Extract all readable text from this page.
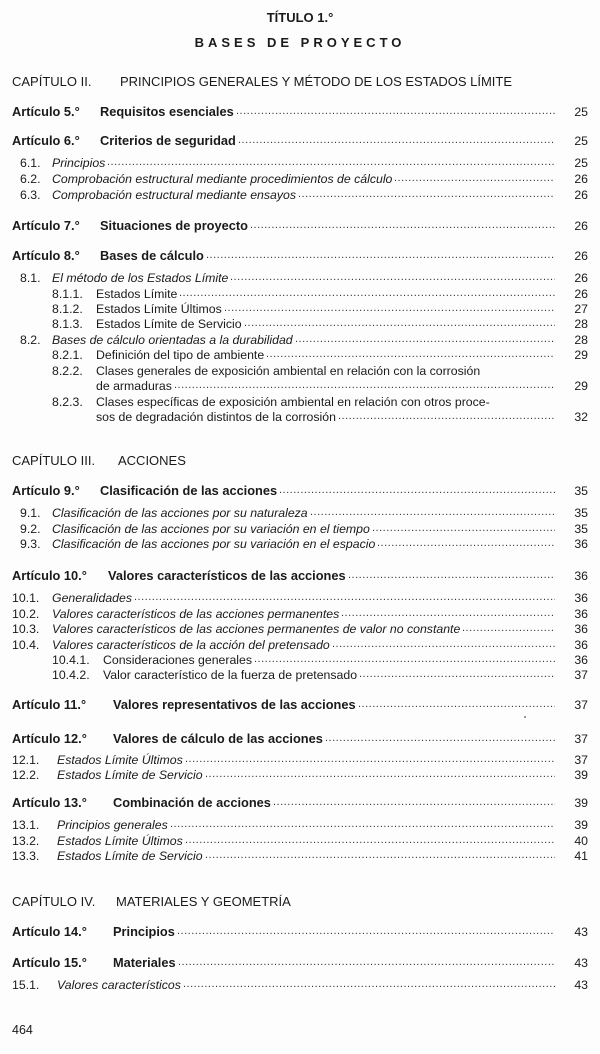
TÍTULO 1.°
BASES DE PROYECTO
CAPÍTULO II. PRINCIPIOS GENERALES Y MÉTODO DE LOS ESTADOS LÍMITE
CAPÍTULO III. ACCIONES
CAPÍTULO IV. MATERIALES Y GEOMETRÍA
Artículo 5.° Requisitos esenciales .....	25
Artículo 6.° Criterios de seguridad .....	25
6.1. Principios .....	25
6.2. Comprobación estructural mediante procedimientos de cálculo .....	26
6.3. Comprobación estructural mediante ensayos .....	26
Artículo 7.° Situaciones de proyecto .....	26
Artículo 8.° Bases de cálculo .....	26
8.1. El método de los Estados Límite .....	26
8.1.1. Estados Límite .....	26
8.1.2. Estados Límite Últimos .....	27
8.1.3. Estados Límite de Servicio .....	28
8.2. Bases de cálculo orientadas a la durabilidad .....	28
8.2.1. Definición del tipo de ambiente .....	29
8.2.2. Clases generales de exposición ambiental en relación con la corrosión
de armaduras .....	29
8.2.3. Clases específicas de exposición ambiental en relación con otros proce-
sos de degradación distintos de la corrosión .....	32
Artículo 9.° Clasificación de las acciones .....	35
9.1. Clasificación de las acciones por su naturaleza .....	35
9.2. Clasificación de las acciones por su variación en el tiempo .....	35
9.3. Clasificación de las acciones por su variación en el espacio .....	36
Artículo 10.° Valores característicos de las acciones .....	36
10.1. Generalidades .....	36
10.2. Valores característicos de las acciones permanentes .....	36
10.3. Valores característicos de las acciones permanentes de valor no constante .....	36
10.4. Valores característicos de la acción del pretensado .....	36
10.4.1. Consideraciones generales .....	36
10.4.2. Valor característico de la fuerza de pretensado .....	37
Artículo 11.° Valores representativos de las acciones .....	37
Artículo 12.° Valores de cálculo de las acciones .....	37
12.1. Estados Límite Últimos .....	37
12.2. Estados Límite de Servicio .....	39
Artículo 13.° Combinación de acciones .....	39
13.1. Principios generales .....	39
13.2. Estados Límite Últimos .....	40
13.3. Estados Límite de Servicio .....	41
Artículo 14.° Principios .....	43
Artículo 15.° Materiales .....	43
15.1. Valores característicos .....	43
464
